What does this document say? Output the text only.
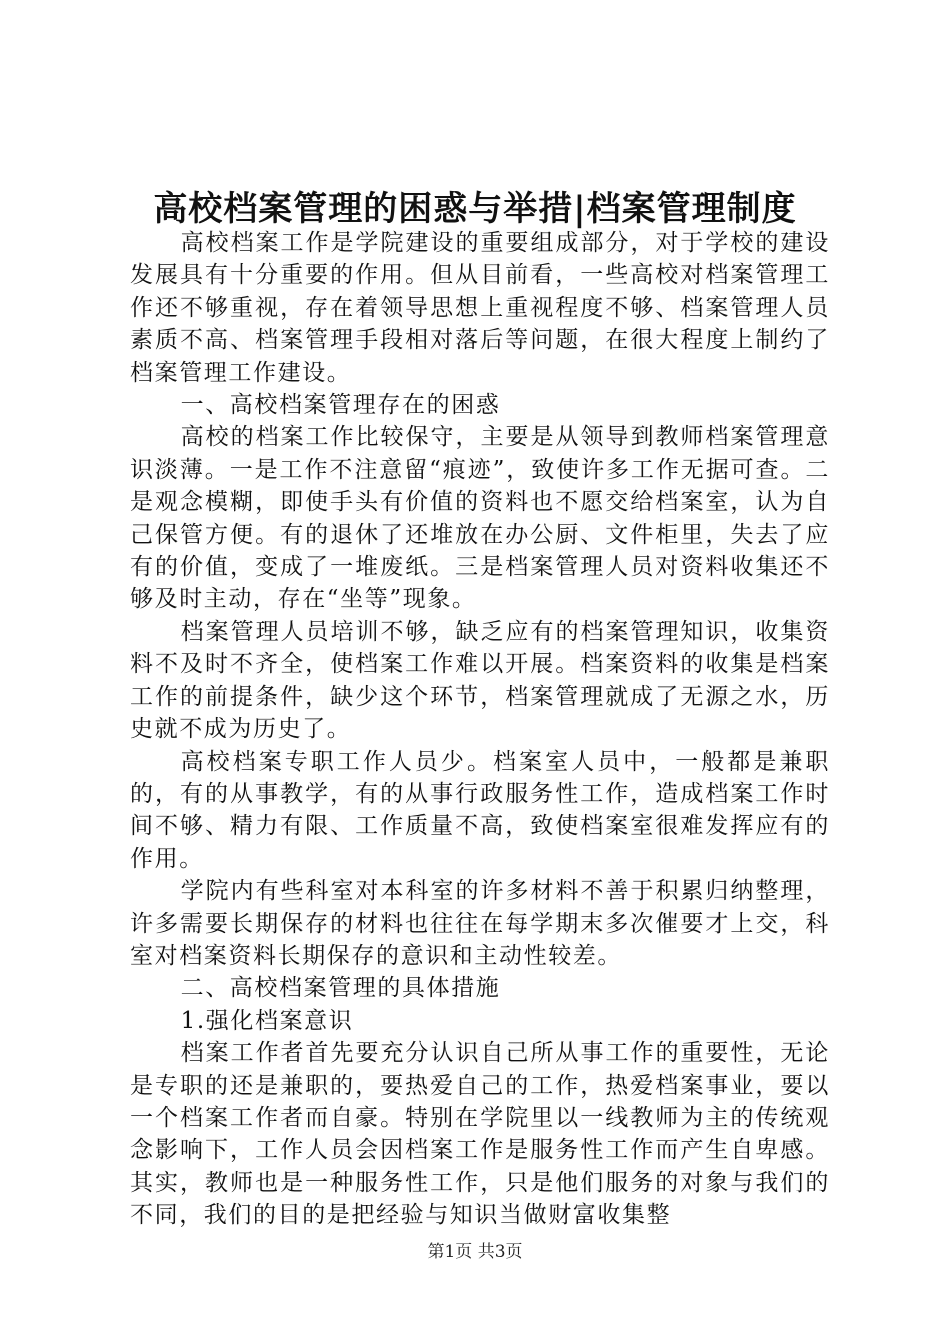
高校档案管理的困惑与举措|档案管理制度

高校档案工作是学院建设的重要组成部分，对于学校的建设发展具有十分重要的作用。但从目前看，一些高校对档案管理工作还不够重视，存在着领导思想上重视程度不够、档案管理人员素质不高、档案管理手段相对落后等问题，在很大程度上制约了档案管理工作建设。

一、高校档案管理存在的困惑

高校的档案工作比较保守，主要是从领导到教师档案管理意识淡薄。一是工作不注意留“痕迹”，致使许多工作无据可查。二是观念模糊，即使手头有价值的资料也不愿交给档案室，认为自己保管方便。有的退休了还堆放在办公厨、文件柜里，失去了应有的价值，变成了一堆废纸。三是档案管理人员对资料收集还不够及时主动，存在“坐等”现象。

档案管理人员培训不够，缺乏应有的档案管理知识，收集资料不及时不齐全，使档案工作难以开展。档案资料的收集是档案工作的前提条件，缺少这个环节，档案管理就成了无源之水，历史就不成为历史了。

高校档案专职工作人员少。档案室人员中，一般都是兼职的，有的从事教学，有的从事行政服务性工作，造成档案工作时间不够、精力有限、工作质量不高，致使档案室很难发挥应有的作用。

学院内有些科室对本科室的许多材料不善于积累归纳整理，许多需要长期保存的材料也往往在每学期末多次催要才上交，科室对档案资料长期保存的意识和主动性较差。

二、高校档案管理的具体措施

1.强化档案意识

档案工作者首先要充分认识自己所从事工作的重要性，无论是专职的还是兼职的，要热爱自己的工作，热爱档案事业，要以一个档案工作者而自豪。特别在学院里以一线教师为主的传统观念影响下，工作人员会因档案工作是服务性工作而产生自卑感。其实，教师也是一种服务性工作，只是他们服务的对象与我们的不同，我们的目的是把经验与知识当做财富收集整

第1页 共3页
